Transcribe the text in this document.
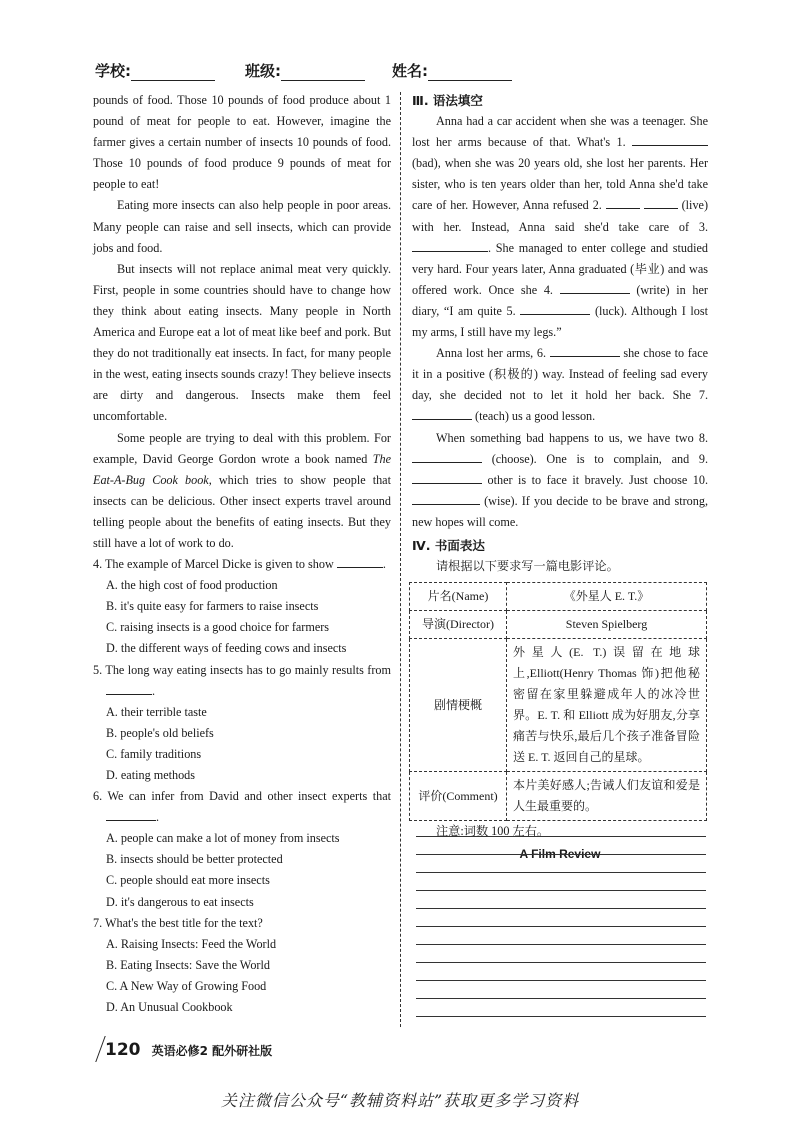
学校:	班级:	姓名:

pounds of food. Those 10 pounds of food produce about 1 pound of meat for people to eat. However, imagine the farmer gives a certain number of insects 10 pounds of food. Those 10 pounds of food produce 9 pounds of meat for people to eat!

Eating more insects can also help people in poor areas. Many people can raise and sell insects, which can provide jobs and food.

But insects will not replace animal meat very quickly. First, people in some countries should have to change how they think about eating insects. Many people in North America and Europe eat a lot of meat like beef and pork. But they do not traditionally eat insects. In fact, for many people in the west, eating insects sounds crazy! They believe insects are dirty and dangerous. Insects make them feel uncomfortable.

Some people are trying to deal with this problem. For example, David George Gordon wrote a book named The Eat-A-Bug Cook book, which tries to show people that insects can be delicious. Other insect experts travel around telling people about the benefits of eating insects. But they still have a lot of work to do.

4. The example of Marcel Dicke is given to show	.

A. the high cost of food production

B. it's quite easy for farmers to raise insects

C. raising insects is a good choice for farmers

D. the different ways of feeding cows and insects

5. The long way eating insects has to go mainly results from .

A. their terrible taste

B. people's old beliefs

C. family traditions

D. eating methods

6. We can infer from David and other insect experts that .

A. people can make a lot of money from insects

B. insects should be better protected

C. people should eat more insects

D. it's dangerous to eat insects

7. What's the best title for the text?

A. Raising Insects: Feed the World

B. Eating Insects: Save the World

C. A New Way of Growing Food

D. An Unusual Cookbook

Ⅲ. 语法填空

Anna had a car accident when she was a teenager. She lost her arms because of that. What's 1.  (bad), when she was 20 years old, she lost her parents. Her sister, who is ten years older than her, told Anna she'd take care of her. However, Anna refused 2.	(live) with her. Instead, Anna said she'd take care of 3. . She managed to enter college and studied very hard. Four years later, Anna graduated (毕业) and was offered work. Once she 4.	(write) in her diary, “I am quite 5.	(luck). Although I lost my arms, I still have my legs.”

Anna lost her arms, 6.	she chose to face it in a positive (积极的) way. Instead of feeling sad every day, she decided not to let it hold her back. She 7.  (teach) us a good lesson.

When something bad happens to us, we have two 8.  (choose). One is to complain, and 9.  other is to face it bravely. Just choose 10.  (wise). If you decide to be brave and strong, new hopes will come.

Ⅳ. 书面表达

请根据以下要求写一篇电影评论。

片名(Name)	《外星人 E. T.》
导演(Director)	Steven Spielberg
剧情梗概	外星人(E. T.)误留在地球上,Elliott(Henry Thomas 饰)把他秘密留在家里躲避成年人的冰冷世界。E. T. 和 Elliott 成为好朋友,分享痛苦与快乐,最后几个孩子准备冒险送 E. T. 返回自己的星球。
评价(Comment)	本片美好感人;告诫人们友谊和爱是人生最重要的。

注意:词数 100 左右。

A Film Review
120 英语必修2 配外研社版
关注微信公众号“教辅资料站”获取更多学习资料
